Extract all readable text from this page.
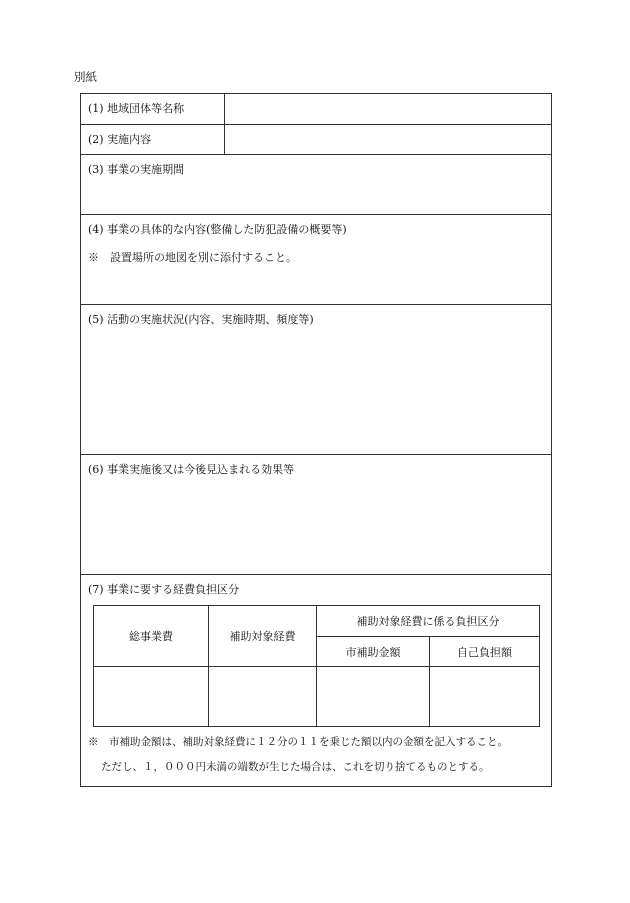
別紙
(1) 地域団体等名称
(2) 実施内容
(3) 事業の実施期間
(4) 事業の具体的な内容(整備した防犯設備の概要等)
※　設置場所の地図を別に添付すること。
(5) 活動の実施状況(内容、実施時期、頻度等)
(6) 事業実施後又は今後見込まれる効果等
(7) 事業に要する経費負担区分
総事業費	補助対象経費
補助対象経費に係る負担区分
市補助金額	自己負担額
※　市補助金額は、補助対象経費に１２分の１１を乗じた額以内の金額を記入すること。
ただし、１，０００円未満の端数が生じた場合は、これを切り捨てるものとする。
